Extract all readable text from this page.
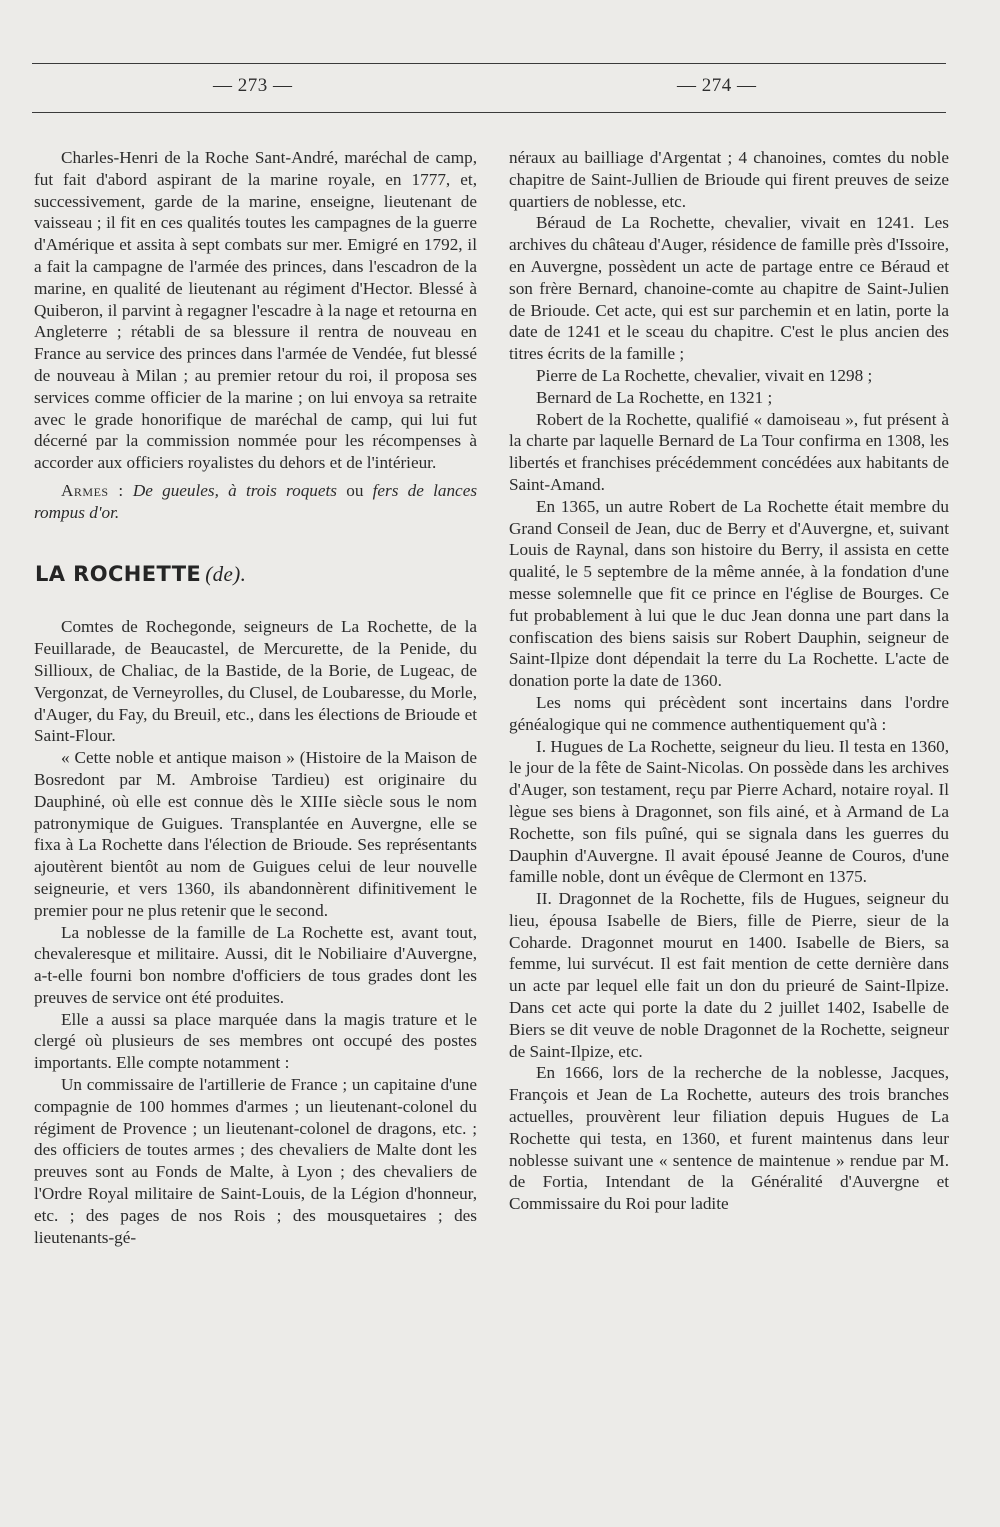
— 273 —	— 274 —

Charles-Henri de la Roche Sant-André, maréchal de camp, fut fait d'abord aspirant de la marine royale, en 1777, et, successivement, garde de la marine, enseigne, lieutenant de vaisseau ; il fit en ces qualités toutes les campagnes de la guerre d'Amérique et assita à sept combats sur mer. Emigré en 1792, il a fait la campagne de l'armée des princes, dans l'escadron de la marine, en qualité de lieutenant au régiment d'Hector. Blessé à Quiberon, il parvint à regagner l'escadre à la nage et retourna en Angleterre ; rétabli de sa blessure il rentra de nouveau en France au service des princes dans l'armée de Vendée, fut blessé de nouveau à Milan ; au premier retour du roi, il proposa ses services comme officier de la marine ; on lui envoya sa retraite avec le grade honorifique de maréchal de camp, qui lui fut décerné par la commission nommée pour les récompenses à accorder aux officiers royalistes du dehors et de l'intérieur.

Armes : De gueules, à trois roquets ou fers de lances rompus d'or.

LA ROCHETTE (de).

Comtes de Rochegonde, seigneurs de La Rochette, de la Feuillarade, de Beaucastel, de Mercurette, de la Penide, du Sillioux, de Chaliac, de la Bastide, de la Borie, de Lugeac, de Vergonzat, de Verneyrolles, du Clusel, de Loubaresse, du Morle, d'Auger, du Fay, du Breuil, etc., dans les élections de Brioude et Saint-Flour.

« Cette noble et antique maison » (Histoire de la Maison de Bosredont par M. Ambroise Tardieu) est originaire du Dauphiné, où elle est connue dès le XIIIe siècle sous le nom patronymique de Guigues. Transplantée en Auvergne, elle se fixa à La Rochette dans l'élection de Brioude. Ses représentants ajoutèrent bientôt au nom de Guigues celui de leur nouvelle seigneurie, et vers 1360, ils abandonnèrent difinitivement le premier pour ne plus retenir que le second.

La noblesse de la famille de La Rochette est, avant tout, chevaleresque et militaire. Aussi, dit le Nobiliaire d'Auvergne, a-t-elle fourni bon nombre d'officiers de tous grades dont les preuves de service ont été produites.

Elle a aussi sa place marquée dans la magis trature et le clergé où plusieurs de ses membres ont occupé des postes importants. Elle compte notamment :

Un commissaire de l'artillerie de France ; un capitaine d'une compagnie de 100 hommes d'armes ; un lieutenant-colonel du régiment de Provence ; un lieutenant-colonel de dragons, etc. ; des officiers de toutes armes ; des chevaliers de Malte dont les preuves sont au Fonds de Malte, à Lyon ; des chevaliers de l'Ordre Royal militaire de Saint-Louis, de la Légion d'honneur, etc. ; des pages de nos Rois ; des mousquetaires ; des lieutenants-gé-

néraux au bailliage d'Argentat ; 4 chanoines, comtes du noble chapitre de Saint-Jullien de Brioude qui firent preuves de seize quartiers de noblesse, etc.

Béraud de La Rochette, chevalier, vivait en 1241. Les archives du château d'Auger, résidence de famille près d'Issoire, en Auvergne, possèdent un acte de partage entre ce Béraud et son frère Bernard, chanoine-comte au chapitre de Saint-Julien de Brioude. Cet acte, qui est sur parchemin et en latin, porte la date de 1241 et le sceau du chapitre. C'est le plus ancien des titres écrits de la famille ;

Pierre de La Rochette, chevalier, vivait en 1298 ;

Bernard de La Rochette, en 1321 ;

Robert de la Rochette, qualifié « damoiseau », fut présent à la charte par laquelle Bernard de La Tour confirma en 1308, les libertés et franchises précédemment concédées aux habitants de Saint-Amand.

En 1365, un autre Robert de La Rochette était membre du Grand Conseil de Jean, duc de Berry et d'Auvergne, et, suivant Louis de Raynal, dans son histoire du Berry, il assista en cette qualité, le 5 septembre de la même année, à la fondation d'une messe solemnelle que fit ce prince en l'église de Bourges. Ce fut probablement à lui que le duc Jean donna une part dans la confiscation des biens saisis sur Robert Dauphin, seigneur de Saint-Ilpize dont dépendait la terre du La Rochette. L'acte de donation porte la date de 1360.

Les noms qui précèdent sont incertains dans l'ordre généalogique qui ne commence authentiquement qu'à :

I. Hugues de La Rochette, seigneur du lieu. Il testa en 1360, le jour de la fête de Saint-Nicolas. On possède dans les archives d'Auger, son testament, reçu par Pierre Achard, notaire royal. Il lègue ses biens à Dragonnet, son fils ainé, et à Armand de La Rochette, son fils puîné, qui se signala dans les guerres du Dauphin d'Auvergne. Il avait épousé Jeanne de Couros, d'une famille noble, dont un évêque de Clermont en 1375.

II. Dragonnet de la Rochette, fils de Hugues, seigneur du lieu, épousa Isabelle de Biers, fille de Pierre, sieur de la Coharde. Dragonnet mourut en 1400. Isabelle de Biers, sa femme, lui survécut. Il est fait mention de cette dernière dans un acte par lequel elle fait un don du prieuré de Saint-Ilpize. Dans cet acte qui porte la date du 2 juillet 1402, Isabelle de Biers se dit veuve de noble Dragonnet de la Rochette, seigneur de Saint-Ilpize, etc.

En 1666, lors de la recherche de la noblesse, Jacques, François et Jean de La Rochette, auteurs des trois branches actuelles, prouvèrent leur filiation depuis Hugues de La Rochette qui testa, en 1360, et furent maintenus dans leur noblesse suivant une « sentence de maintenue » rendue par M. de Fortia, Intendant de la Généralité d'Auvergne et Commissaire du Roi pour ladite
